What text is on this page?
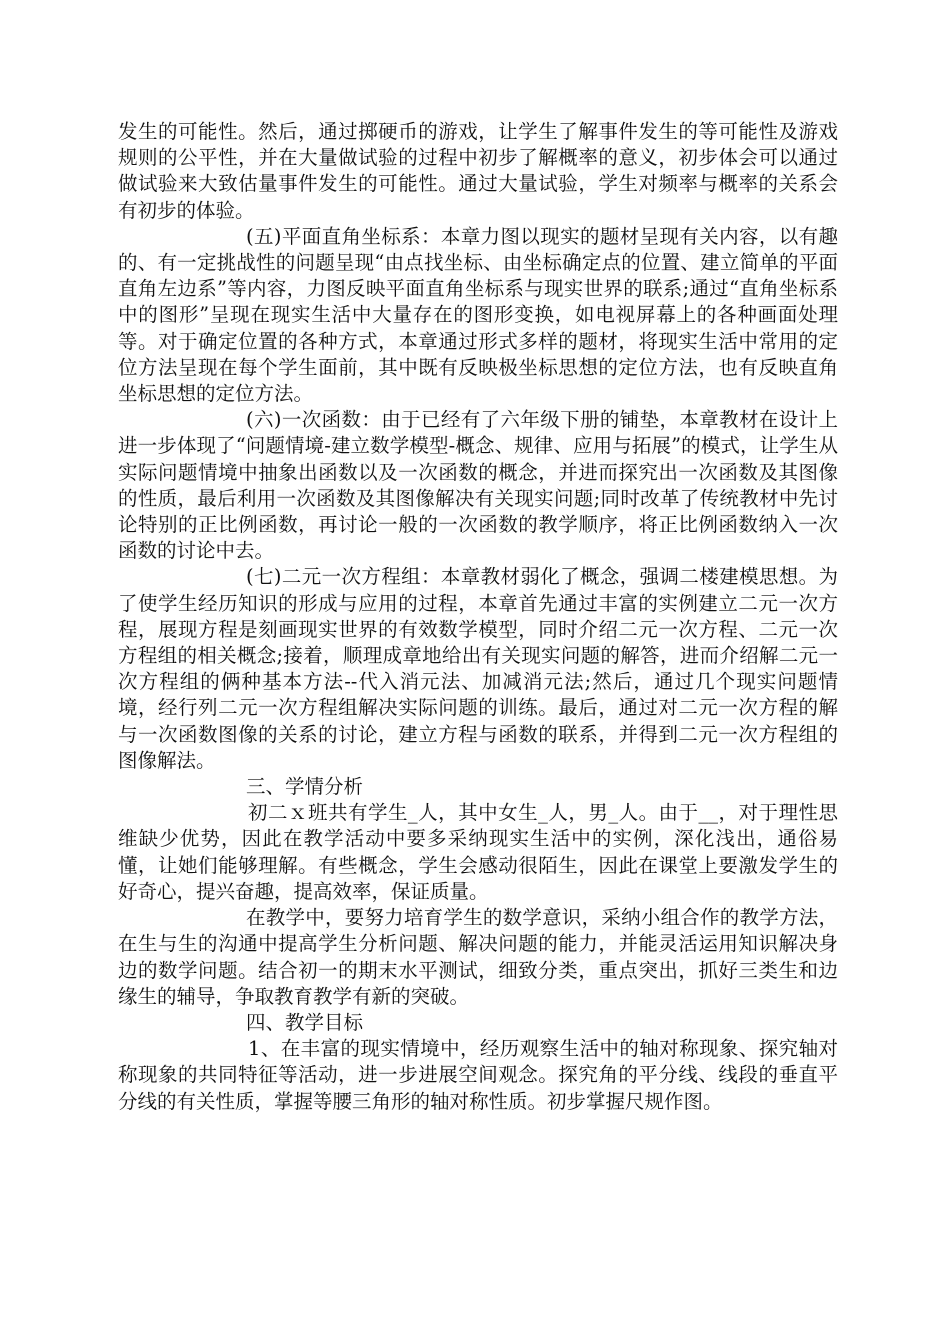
发生的可能性。然后，通过掷硬币的游戏，让学生了解事件发生的等可能性及游戏规则的公平性，并在大量做试验的过程中初步了解概率的意义，初步体会可以通过做试验来大致估量事件发生的可能性。通过大量试验，学生对频率与概率的关系会有初步的体验。

(五)平面直角坐标系：本章力图以现实的题材呈现有关内容，以有趣的、有一定挑战性的问题呈现“由点找坐标、由坐标确定点的位置、建立简单的平面直角左边系”等内容，力图反映平面直角坐标系与现实世界的联系;通过“直角坐标系中的图形”呈现在现实生活中大量存在的图形变换，如电视屏幕上的各种画面处理等。对于确定位置的各种方式，本章通过形式多样的题材，将现实生活中常用的定位方法呈现在每个学生面前，其中既有反映极坐标思想的定位方法，也有反映直角坐标思想的定位方法。

(六)一次函数：由于已经有了六年级下册的铺垫，本章教材在设计上进一步体现了“问题情境-建立数学模型-概念、规律、应用与拓展”的模式，让学生从实际问题情境中抽象出函数以及一次函数的概念，并进而探究出一次函数及其图像的性质，最后利用一次函数及其图像解决有关现实问题;同时改革了传统教材中先讨论特别的正比例函数，再讨论一般的一次函数的教学顺序，将正比例函数纳入一次函数的讨论中去。

(七)二元一次方程组：本章教材弱化了概念，强调二楼建模思想。为了使学生经历知识的形成与应用的过程，本章首先通过丰富的实例建立二元一次方程，展现方程是刻画现实世界的有效数学模型，同时介绍二元一次方程、二元一次方程组的相关概念;接着，顺理成章地给出有关现实问题的解答，进而介绍解二元一次方程组的俩种基本方法--代入消元法、加减消元法;然后，通过几个现实问题情境，经行列二元一次方程组解决实际问题的训练。最后，通过对二元一次方程的解与一次函数图像的关系的讨论，建立方程与函数的联系，并得到二元一次方程组的图像解法。

三、学情分析

初二ｘ班共有学生_人，其中女生_人，男_人。由于__，对于理性思维缺少优势，因此在教学活动中要多采纳现实生活中的实例，深化浅出，通俗易懂，让她们能够理解。有些概念，学生会感动很陌生，因此在课堂上要激发学生的好奇心，提兴奋趣，提高效率，保证质量。

在教学中，要努力培育学生的数学意识，采纳小组合作的教学方法，在生与生的沟通中提高学生分析问题、解决问题的能力，并能灵活运用知识解决身边的数学问题。结合初一的期末水平测试，细致分类，重点突出，抓好三类生和边缘生的辅导，争取教育教学有新的突破。

四、教学目标

1、在丰富的现实情境中，经历观察生活中的轴对称现象、探究轴对称现象的共同特征等活动，进一步进展空间观念。探究角的平分线、线段的垂直平分线的有关性质，掌握等腰三角形的轴对称性质。初步掌握尺规作图。
